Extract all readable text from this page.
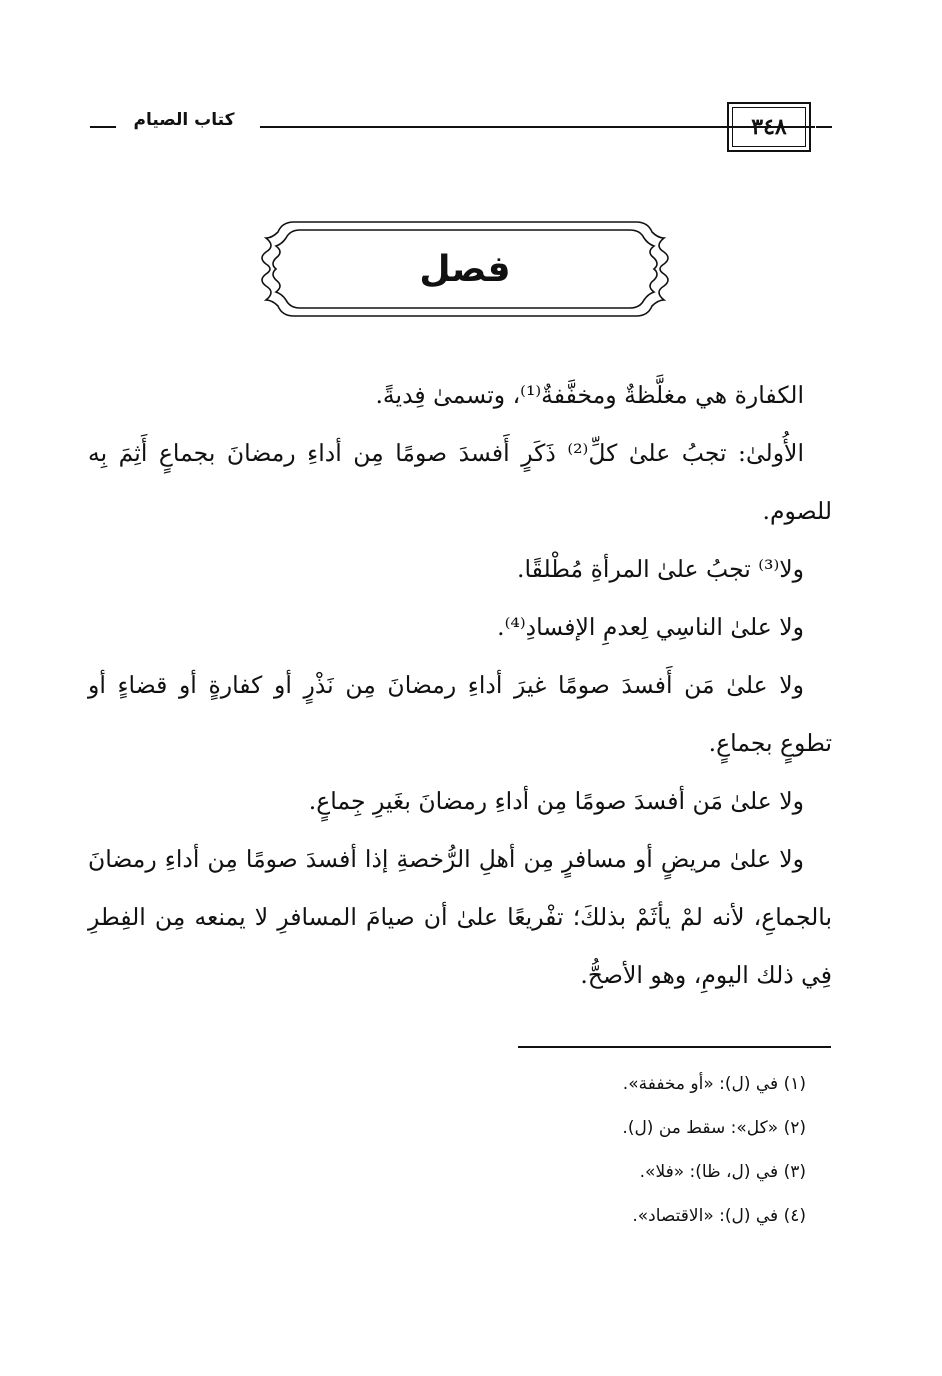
٣٤٨
كتاب الصيام
فصل

الكفارة هي مغلَّظةٌ ومخفَّفةٌ⁽¹⁾، وتسمىٰ فِديةً.

الأُولىٰ: تجبُ علىٰ كلِّ⁽²⁾ ذَكَرٍ أَفسدَ صومًا مِن أداءِ رمضانَ بجماعٍ أَثِمَ بِه للصوم.

ولا⁽³⁾ تجبُ علىٰ المرأةِ مُطْلقًا.

ولا علىٰ الناسِي لِعدمِ الإفسادِ⁽⁴⁾.

ولا علىٰ مَن أَفسدَ صومًا غيرَ أداءِ رمضانَ مِن نَذْرٍ أو كفارةٍ أو قضاءٍ أو تطوعٍ بجماعٍ.

ولا علىٰ مَن أفسدَ صومًا مِن أداءِ رمضانَ بغَيرِ جِماعٍ.

ولا علىٰ مريضٍ أو مسافرٍ مِن أهلِ الرُّخصةِ إذا أفسدَ صومًا مِن أداءِ رمضانَ بالجماعِ، لأنه لمْ يأثَمْ بذلكَ؛ تفْريعًا علىٰ أن صيامَ المسافرِ لا يمنعه مِن الفِطرِ فِي ذلك اليومِ، وهو الأصحُّ.

(١) في (ل): «أو مخففة».
(٢) «كل»: سقط من (ل).
(٣) في (ل، ظا): «فلا».
(٤) في (ل): «الاقتصاد».
